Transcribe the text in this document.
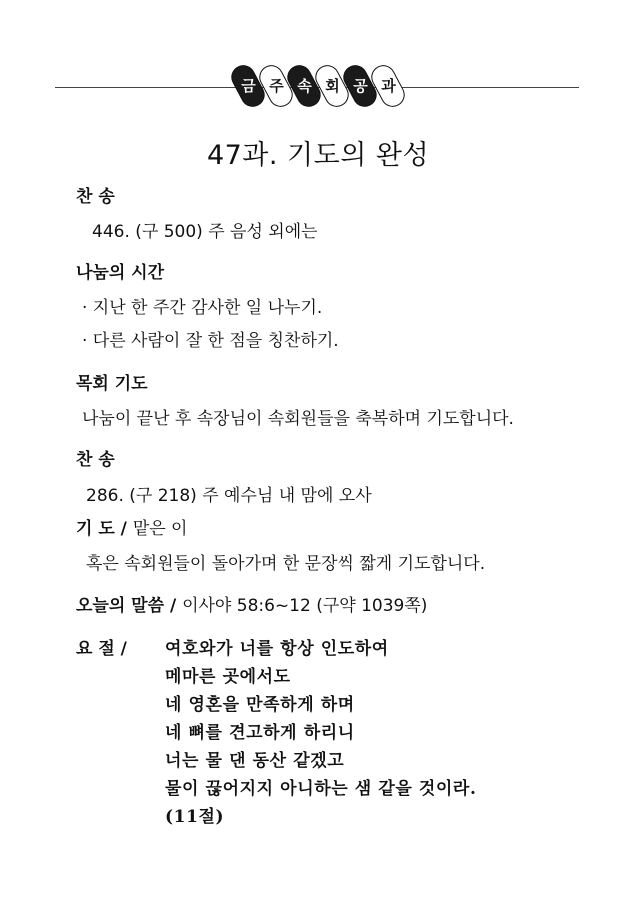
금 주 속 회 공 과
47과. 기도의 완성
찬 송
446. (구 500) 주 음성 외에는
나눔의 시간
· 지난 한 주간 감사한 일 나누기.
· 다른 사람이 잘 한 점을 칭찬하기.
목회 기도
나눔이 끝난 후 속장님이 속회원들을 축복하며 기도합니다.
찬 송
286. (구 218) 주 예수님 내 맘에 오사
기 도 / 맡은 이
혹은 속회원들이 돌아가며 한 문장씩 짧게 기도합니다.
오늘의 말씀 / 이사야 58:6~12 (구약 1039쪽)
요 절 / 여호와가 너를 항상 인도하여
메마른 곳에서도
네 영혼을 만족하게 하며
네 뼈를 견고하게 하리니
너는 물 댄 동산 같겠고
물이 끊어지지 아니하는 샘 같을 것이라.
(11절)
